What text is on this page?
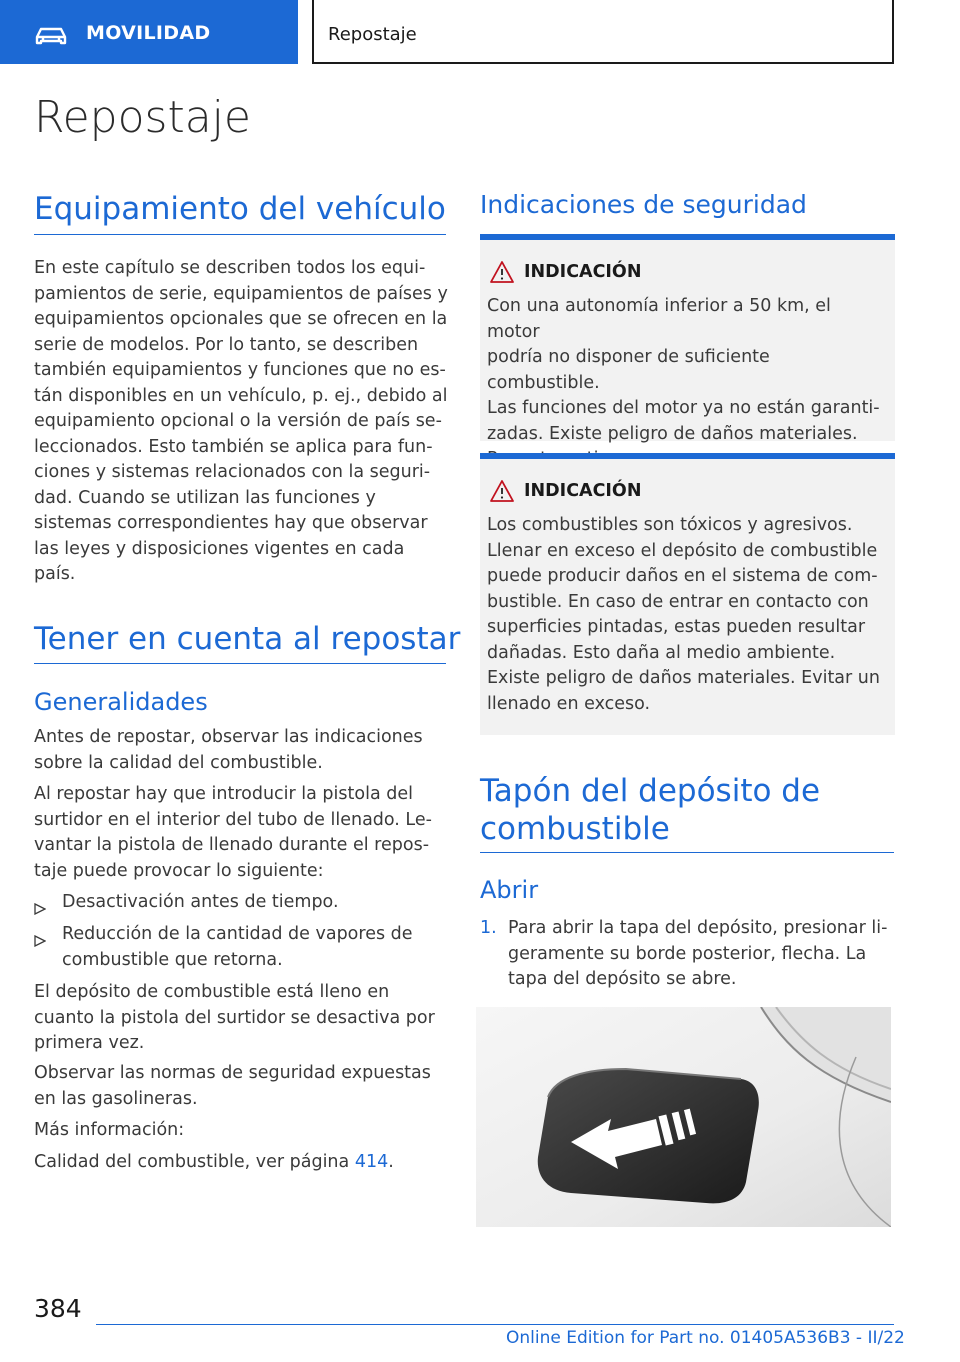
MOVILIDAD	Repostaje
Repostaje
Equipamiento del vehículo

En este capítulo se describen todos los equi-

pamientos de serie, equipamientos de países y

equipamientos opcionales que se ofrecen en la

serie de modelos. Por lo tanto, se describen

también equipamientos y funciones que no es-

tán disponibles en un vehículo, p. ej., debido al

equipamiento opcional o la versión de país se-

leccionados. Esto también se aplica para fun-

ciones y sistemas relacionados con la seguri-

dad. Cuando se utilizan las funciones y

sistemas correspondientes hay que observar

las leyes y disposiciones vigentes en cada

país.

Tener en cuenta al repostar
Generalidades

Antes de repostar, observar las indicaciones

sobre la calidad del combustible.

Al repostar hay que introducir la pistola del

surtidor en el interior del tubo de llenado. Le-

vantar la pistola de llenado durante el repos-

taje puede provocar lo siguiente:

Desactivación antes de tiempo.
Reducción de la cantidad de vapores de
combustible que retorna.

El depósito de combustible está lleno en

cuanto la pistola del surtidor se desactiva por

primera vez.

Observar las normas de seguridad expuestas

en las gasolineras.

Más información:
Calidad del combustible, ver página 414.
Indicaciones de seguridad
INDICACIÓN
Con una autonomía inferior a 50 km, el motor
podría no disponer de suficiente combustible.
Las funciones del motor ya no están garanti-
zadas. Existe peligro de daños materiales.
INDICACIÓN
Los combustibles son tóxicos y agresivos.
Llenar en exceso el depósito de combustible
puede producir daños en el sistema de com-
bustible. En caso de entrar en contacto con
superficies pintadas, estas pueden resultar
dañadas. Esto daña al medio ambiente.
Existe peligro de daños materiales. Evitar un
llenado en exceso.
Tapón del depósito de
combustible
Abrir
1. Para abrir la tapa del depósito, presionar li-
geramente su borde posterior, flecha. La
tapa del depósito se abre.
384
Online Edition for Part no. 01405A536B3 - II/22
